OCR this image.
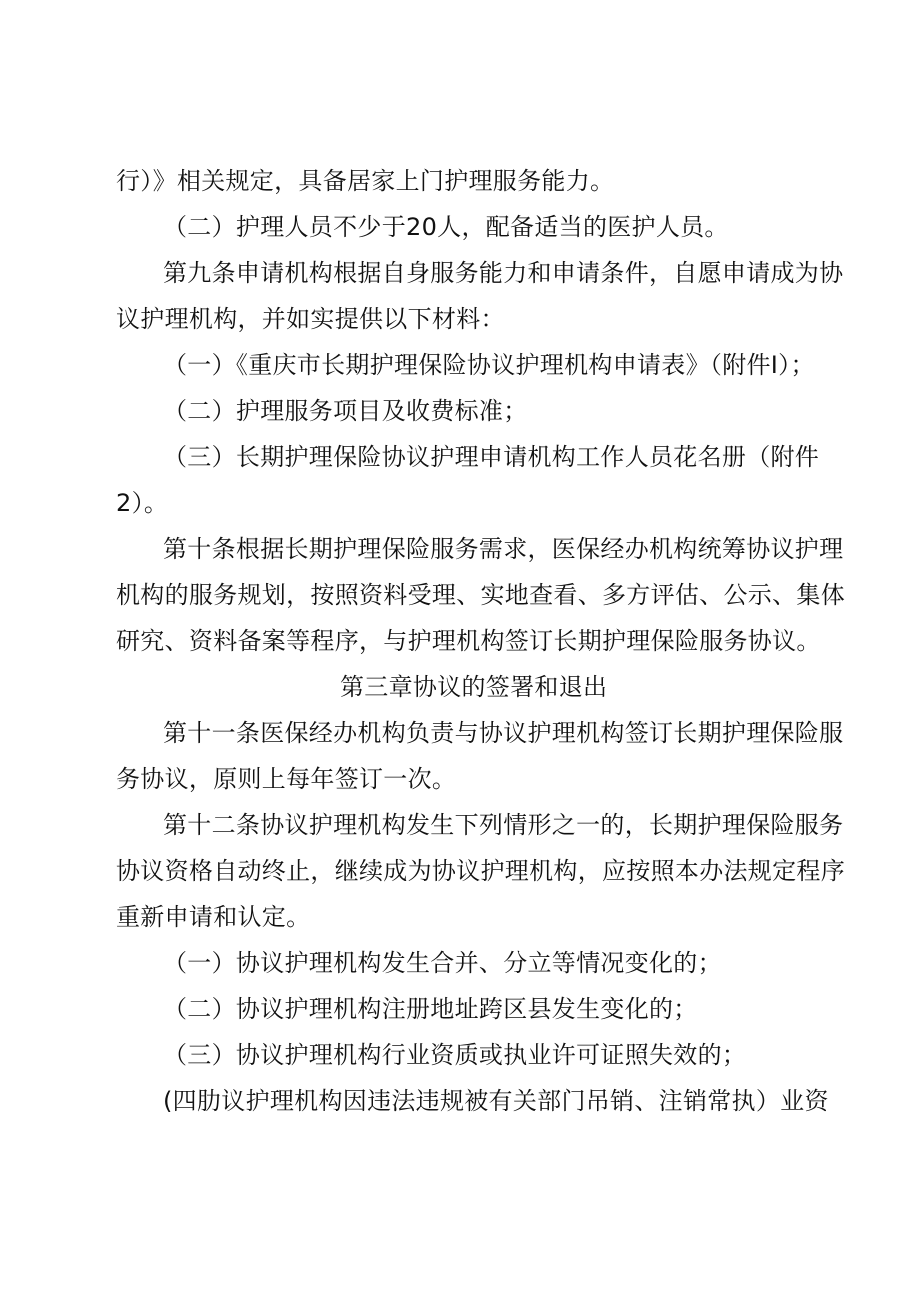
行）》相关规定，具备居家上门护理服务能力。
（二）护理人员不少于20人，配备适当的医护人员。
第九条申请机构根据自身服务能力和申请条件，自愿申请成为协
议护理机构，并如实提供以下材料：
（一）《重庆市长期护理保险协议护理机构申请表》（附件I）；
（二）护理服务项目及收费标准；
（三）长期护理保险协议护理申请机构工作人员花名册（附件
2）。
第十条根据长期护理保险服务需求，医保经办机构统筹协议护理
机构的服务规划，按照资料受理、实地查看、多方评估、公示、集体
研究、资料备案等程序，与护理机构签订长期护理保险服务协议。
第三章协议的签署和退出
第十一条医保经办机构负责与协议护理机构签订长期护理保险服
务协议，原则上每年签订一次。
第十二条协议护理机构发生下列情形之一的，长期护理保险服务
协议资格自动终止，继续成为协议护理机构，应按照本办法规定程序
重新申请和认定。
（一）协议护理机构发生合并、分立等情况变化的；
（二）协议护理机构注册地址跨区县发生变化的；
（三）协议护理机构行业资质或执业许可证照失效的；
(四肋议护理机构因违法违规被有关部门吊销、注销常执）业资
